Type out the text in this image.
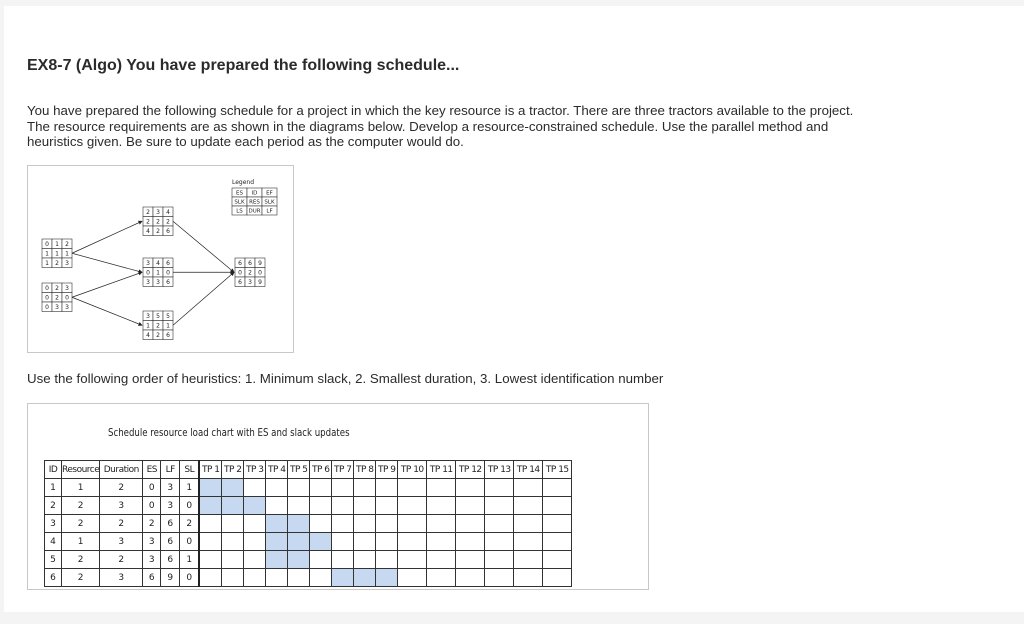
EX8-7 (Algo) You have prepared the following schedule...

You have prepared the following schedule for a project in which the key resource is a tractor. There are three tractors available to the project. The resource requirements are as shown in the diagrams below. Develop a resource-constrained schedule. Use the parallel method and heuristics given. Be sure to update each period as the computer would do.

0 1 2
1 1 1
1 2 3
0 2 3
0 2 0
0 3 3
2 3 4
2 2 2
4 2 6
3 4 6
0 1 0
3 3 6
3 5 5
1 2 1
4 2 6
6 6 9
0 2 0
6 3 9
Legend
ES ID EF
SLK RES SLK
LS DUR LF

Use the following order of heuristics: 1. Minimum slack, 2. Smallest duration, 3. Lowest identification number

Schedule resource load chart with ES and slack updates
ID	Resource	Duration	ES	LF	SL	TP 1	TP 2	TP 3	TP 4	TP 5	TP 6	TP 7	TP 8	TP 9	TP 10	TP 11	TP 12	TP 13	TP 14	TP 15
1	1	2	0	3	1															
2	2	3	0	3	0															
3	2	2	2	6	2															
4	1	3	3	6	0															
5	2	2	3	6	1															
6	2	3	6	9	0															
